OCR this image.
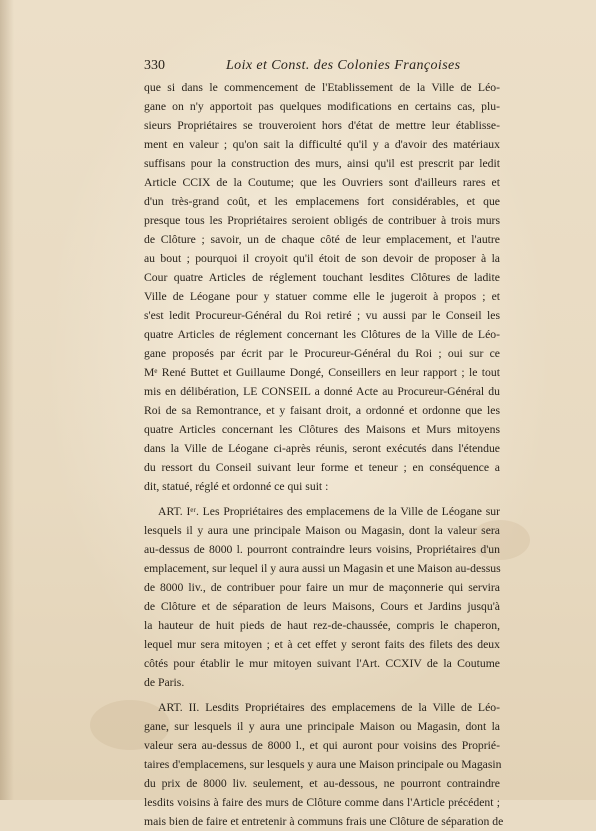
330	Loix et Const. des Colonies Françoises
que si dans le commencement de l'Etablissement de la Ville de Léo-
gane on n'y apportoit pas quelques modifications en certains cas, plu-
sieurs Propriétaires se trouveroient hors d'état de mettre leur établisse-
ment en valeur ; qu'on sait la difficulté qu'il y a d'avoir des matériaux
suffisans pour la construction des murs, ainsi qu'il est prescrit par ledit
Article CCIX de la Coutume; que les Ouvriers sont d'ailleurs rares et
d'un très-grand coût, et les emplacemens fort considérables, et que
presque tous les Propriétaires seroient obligés de contribuer à trois murs
de Clôture ; savoir, un de chaque côté de leur emplacement, et l'autre
au bout ; pourquoi il croyoit qu'il étoit de son devoir de proposer à la
Cour quatre Articles de réglement touchant lesdites Clôtures de ladite
Ville de Léogane pour y statuer comme elle le jugeroit à propos ; et
s'est ledit Procureur-Général du Roi retiré ; vu aussi par le Conseil les
quatre Articles de réglement concernant les Clôtures de la Ville de Léo-
gane proposés par écrit par le Procureur-Général du Roi ; oui sur ce
Mᵉ René Buttet et Guillaume Dongé, Conseillers en leur rapport ; le tout
mis en délibération, LE CONSEIL a donné Acte au Procureur-Général du
Roi de sa Remontrance, et y faisant droit, a ordonné et ordonne que les
quatre Articles concernant les Clôtures des Maisons et Murs mitoyens
dans la Ville de Léogane ci-après réunis, seront exécutés dans l'étendue
du ressort du Conseil suivant leur forme et teneur ; en conséquence a
dit, statué, réglé et ordonné ce qui suit :
ART. Iᵉʳ. Les Propriétaires des emplacemens de la Ville de Léogane sur
lesquels il y aura une principale Maison ou Magasin, dont la valeur sera
au-dessus de 8000 l. pourront contraindre leurs voisins, Propriétaires d'un
emplacement, sur lequel il y aura aussi un Magasin et une Maison au-dessus
de 8000 liv., de contribuer pour faire un mur de maçonnerie qui servira
de Clôture et de séparation de leurs Maisons, Cours et Jardins jusqu'à
la hauteur de huit pieds de haut rez-de-chaussée, compris le chaperon,
lequel mur sera mitoyen ; et à cet effet y seront faits des filets des deux
côtés pour établir le mur mitoyen suivant l'Art. CCXIV de la Coutume
de Paris.
ART. II. Lesdits Propriétaires des emplacemens de la Ville de Léo-
gane, sur lesquels il y aura une principale Maison ou Magasin, dont la
valeur sera au-dessus de 8000 l., et qui auront pour voisins des Proprié-
taires d'emplacemens, sur lesquels y aura une Maison principale ou Magasin
du prix de 8000 liv. seulement, et au-dessous, ne pourront contraindre
lesdits voisins à faire des murs de Clôture comme dans l'Article précédent ;
mais bien de faire et entretenir à communs frais une Clôture de séparation de
